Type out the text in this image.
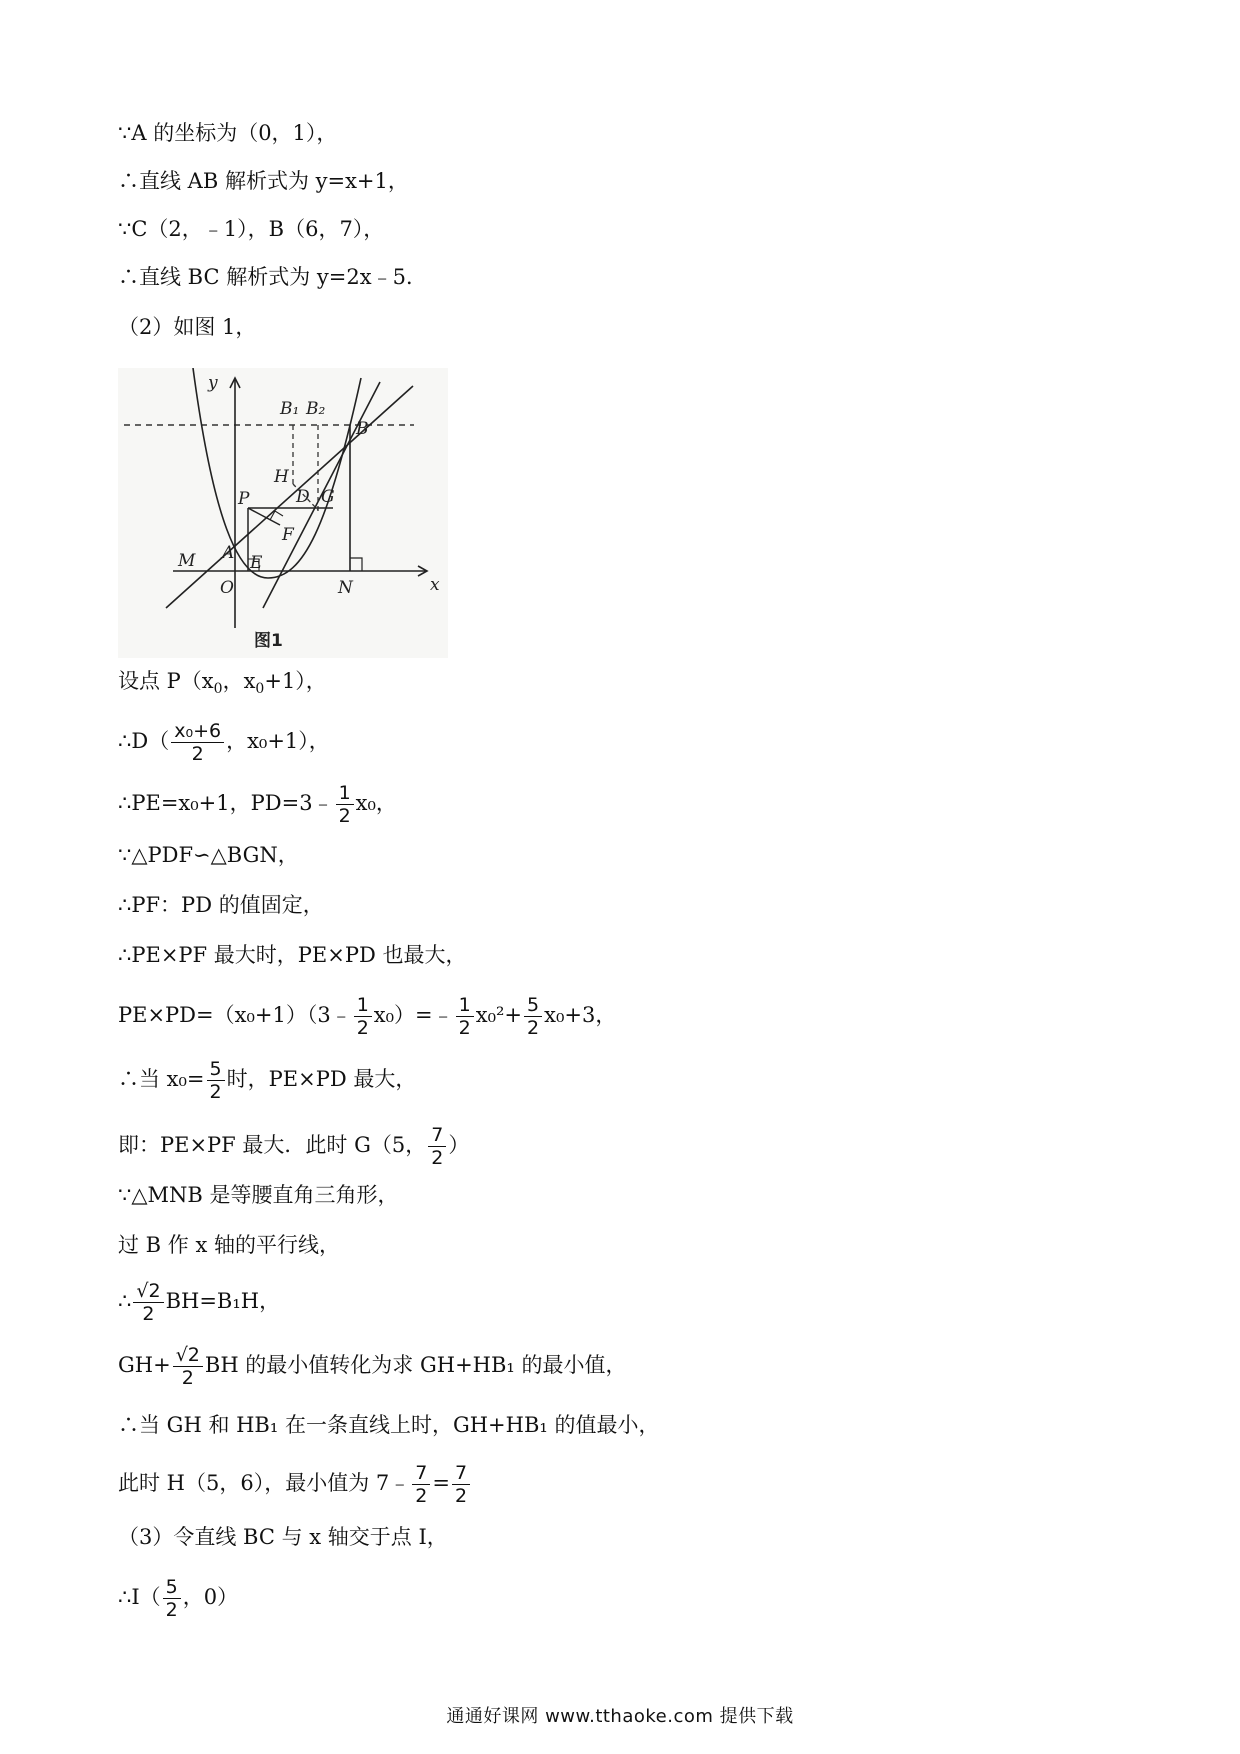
∵A 的坐标为（0，1），
∴直线 AB 解析式为 y=x+1，
∵C（2，﹣1），B（6，7），
∴直线 BC 解析式为 y=2x﹣5．
（2）如图 1，
y
x
B₁ B₂
B
H
P	D G
F
M A E
O	N
图1
设点 $P(x_0$，$x_0+1$），
∴D（ $\frac{\text{x₀+6}}{2}$ ，x₀+1），
∴PE=x₀+1，PD=3﹣ $\frac{1}{2} x_0$，
∵△PDF∽△BGN，
∴PF：PD 的值固定，
∴PE×PF 最大时，PE×PD 也最大，
PE×PD=（x₀+1）（3﹣ $\frac{1}{2}$ x₀）=﹣ $\frac{1}{2} x_0^2+ \frac{5}{2} x_0+3$，
∴当 $x_0= \frac{5}{2}$ 时，PE×PD 最大，
即：PE×PF 最大．此时 G（5， $\frac{7}{2}$ ）
∵△MNB 是等腰直角三角形，
过 B 作 x 轴的平行线，
∴ $\frac{√2}{2} BH=B_1H$，
$GH+ \frac{√2}{2}$ BH 的最小值转化为求 GH+HB₁ 的最小值，
∴当 GH 和 HB₁ 在一条直线上时，GH+HB₁ 的值最小，
此时 H（5，6），最小值为 7﹣ $\frac{7}{2} = \frac{7}{2}$
（3）令直线 BC 与 x 轴交于点 I，
∴I（ $\frac{5}{2}$ ，0）
通通好课网 www.tthaoke.com 提供下载
